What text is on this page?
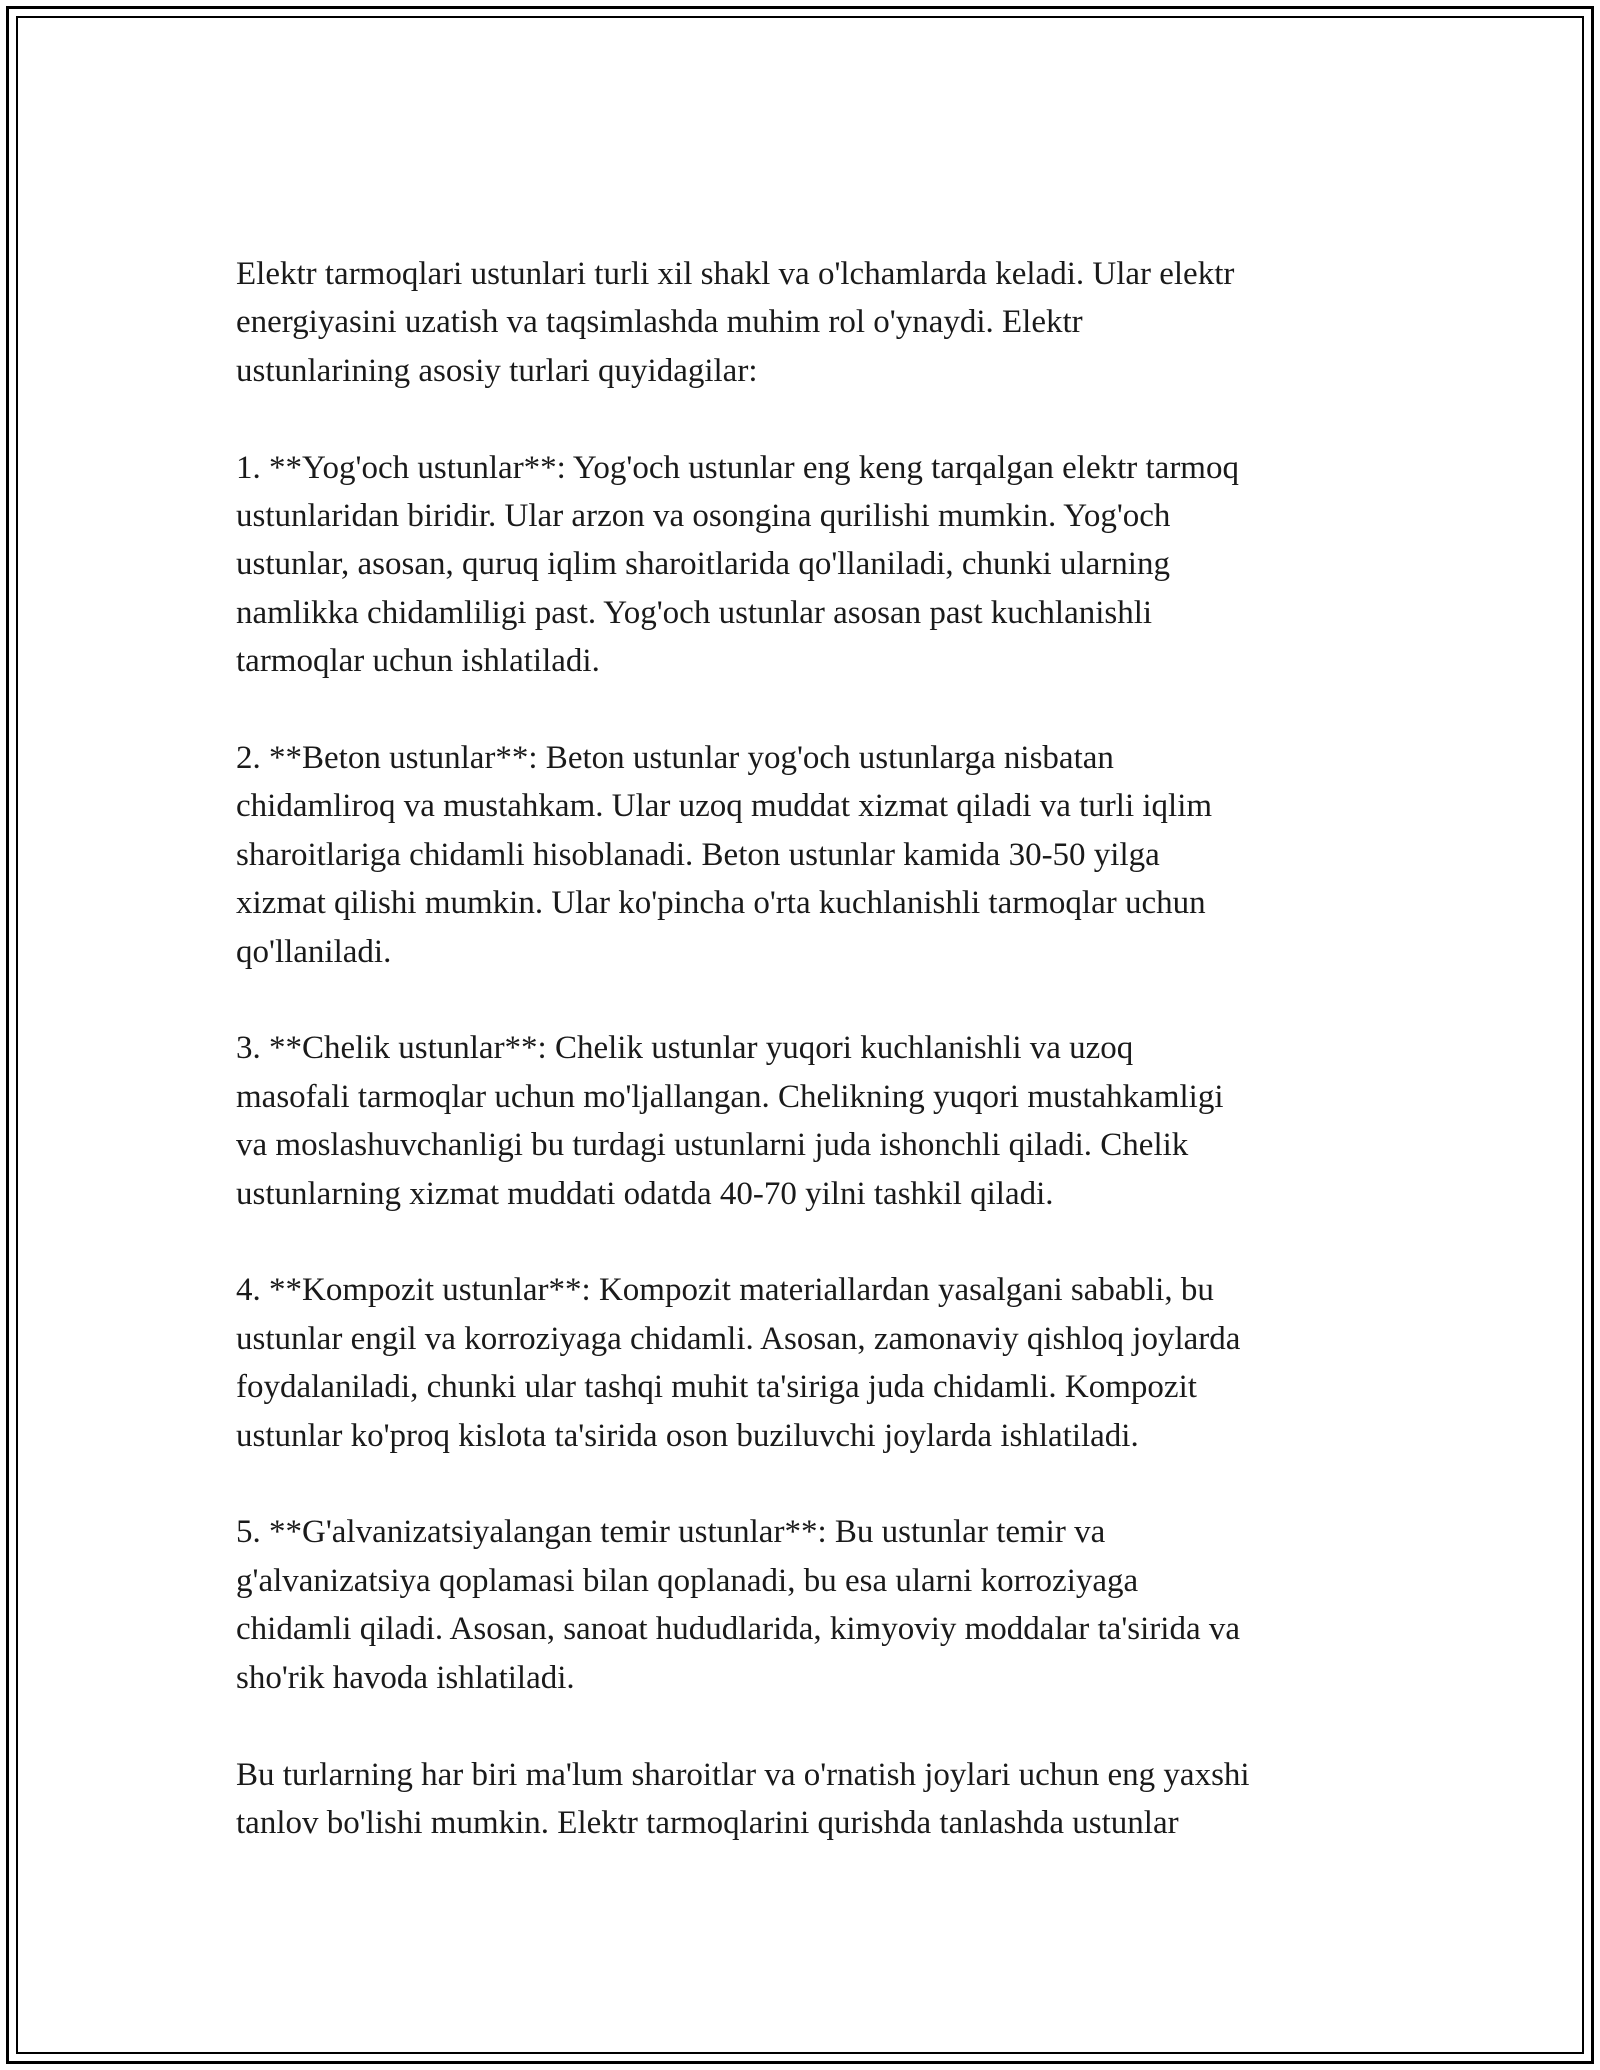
Elektr tarmoqlari ustunlari turli xil shakl va o'lchamlarda keladi. Ular elektr
energiyasini uzatish va taqsimlashda muhim rol o'ynaydi. Elektr
ustunlarining asosiy turlari quyidagilar:

1. **Yog'och ustunlar**: Yog'och ustunlar eng keng tarqalgan elektr tarmoq
ustunlaridan biridir. Ular arzon va osongina qurilishi mumkin. Yog'och
ustunlar, asosan, quruq iqlim sharoitlarida qo'llaniladi, chunki ularning
namlikka chidamliligi past. Yog'och ustunlar asosan past kuchlanishli
tarmoqlar uchun ishlatiladi.

2. **Beton ustunlar**: Beton ustunlar yog'och ustunlarga nisbatan
chidamliroq va mustahkam. Ular uzoq muddat xizmat qiladi va turli iqlim
sharoitlariga chidamli hisoblanadi. Beton ustunlar kamida 30-50 yilga
xizmat qilishi mumkin. Ular ko'pincha o'rta kuchlanishli tarmoqlar uchun
qo'llaniladi.

3. **Chelik ustunlar**: Chelik ustunlar yuqori kuchlanishli va uzoq
masofali tarmoqlar uchun mo'ljallangan. Chelikning yuqori mustahkamligi
va moslashuvchanligi bu turdagi ustunlarni juda ishonchli qiladi. Chelik
ustunlarning xizmat muddati odatda 40-70 yilni tashkil qiladi.

4. **Kompozit ustunlar**: Kompozit materiallardan yasalgani sababli, bu
ustunlar engil va korroziyaga chidamli. Asosan, zamonaviy qishloq joylarda
foydalaniladi, chunki ular tashqi muhit ta'siriga juda chidamli. Kompozit
ustunlar ko'proq kislota ta'sirida oson buziluvchi joylarda ishlatiladi.

5. **G'alvanizatsiyalangan temir ustunlar**: Bu ustunlar temir va
g'alvanizatsiya qoplamasi bilan qoplanadi, bu esa ularni korroziyaga
chidamli qiladi. Asosan, sanoat hududlarida, kimyoviy moddalar ta'sirida va
sho'rik havoda ishlatiladi.

Bu turlarning har biri ma'lum sharoitlar va o'rnatish joylari uchun eng yaxshi
tanlov bo'lishi mumkin. Elektr tarmoqlarini qurishda tanlashda ustunlar
